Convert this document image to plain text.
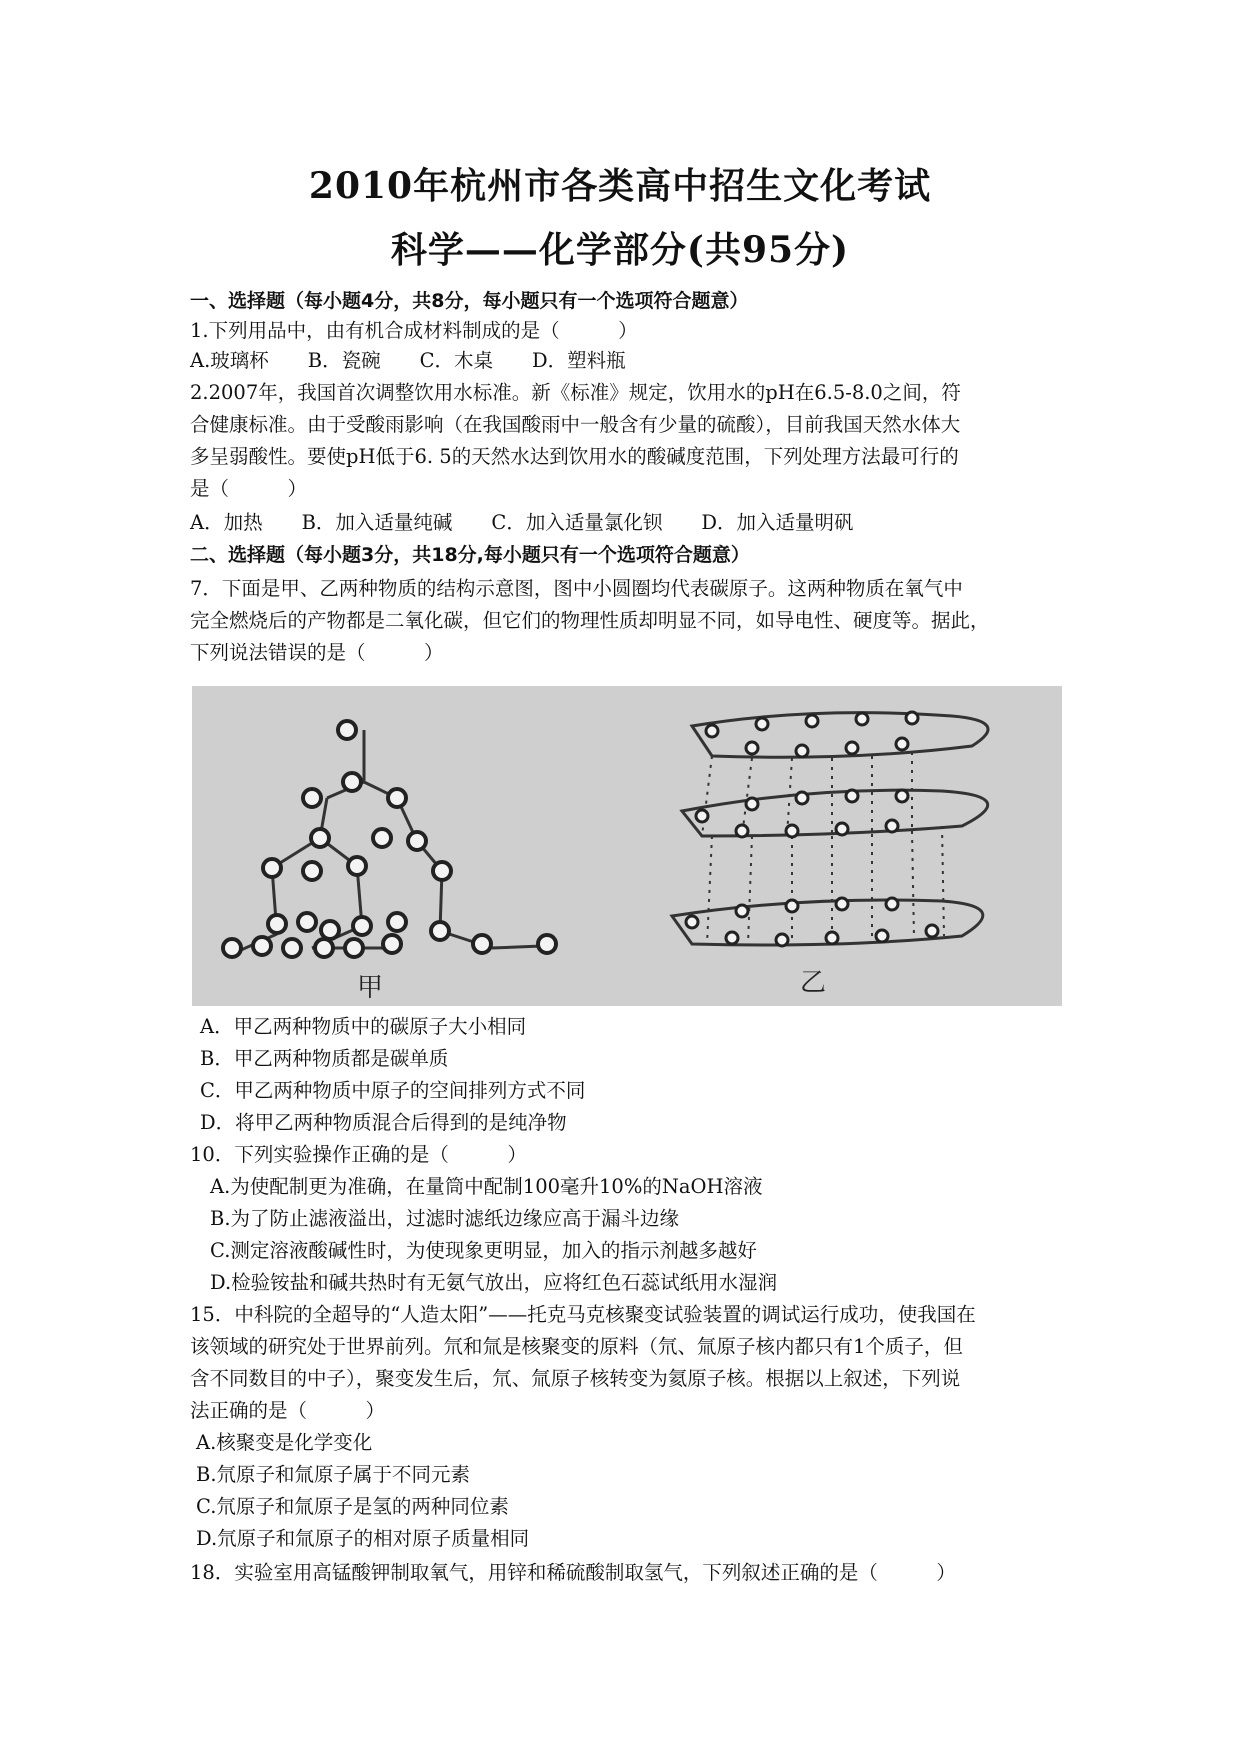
2010年杭州市各类高中招生文化考试
科学——化学部分(共95分)
一、选择题（每小题4分，共8分，每小题只有一个选项符合题意）
1.下列用品中，由有机合成材料制成的是（　　　）
A.玻璃杯　　B．瓷碗　　C．木桌　　D．塑料瓶
2.2007年，我国首次调整饮用水标准。新《标准》规定，饮用水的pH在6.5-8.0之间，符
合健康标准。由于受酸雨影响（在我国酸雨中一般含有少量的硫酸），目前我国天然水体大
多呈弱酸性。要使pH低于6. 5的天然水达到饮用水的酸碱度范围，下列处理方法最可行的
是（　　　）
A．加热　　B．加入适量纯碱　　C．加入适量氯化钡　　D．加入适量明矾
二、选择题（每小题3分，共18分,每小题只有一个选项符合题意）
7．下面是甲、乙两种物质的结构示意图，图中小圆圈均代表碳原子。这两种物质在氧气中
完全燃烧后的产物都是二氧化碳，但它们的物理性质却明显不同，如导电性、硬度等。据此，
下列说法错误的是（　　　）
甲	乙
A．甲乙两种物质中的碳原子大小相同
B．甲乙两种物质都是碳单质
C．甲乙两种物质中原子的空间排列方式不同
D．将甲乙两种物质混合后得到的是纯净物
10．下列实验操作正确的是（　　　）
A.为使配制更为准确，在量筒中配制100毫升10%的NaOH溶液
B.为了防止滤液溢出，过滤时滤纸边缘应高于漏斗边缘
C.测定溶液酸碱性时，为使现象更明显，加入的指示剂越多越好
D.检验铵盐和碱共热时有无氨气放出，应将红色石蕊试纸用水湿润
15．中科院的全超导的“人造太阳”——托克马克核聚变试验装置的调试运行成功，使我国在
该领域的研究处于世界前列。氘和氚是核聚变的原料（氘、氚原子核内都只有1个质子，但
含不同数目的中子），聚变发生后，氘、氚原子核转变为氦原子核。根据以上叙述，下列说
法正确的是（　　　）
A.核聚变是化学变化
B.氘原子和氚原子属于不同元素
C.氘原子和氚原子是氢的两种同位素
D.氘原子和氚原子的相对原子质量相同
18．实验室用高锰酸钾制取氧气，用锌和稀硫酸制取氢气，下列叙述正确的是（　　　）
